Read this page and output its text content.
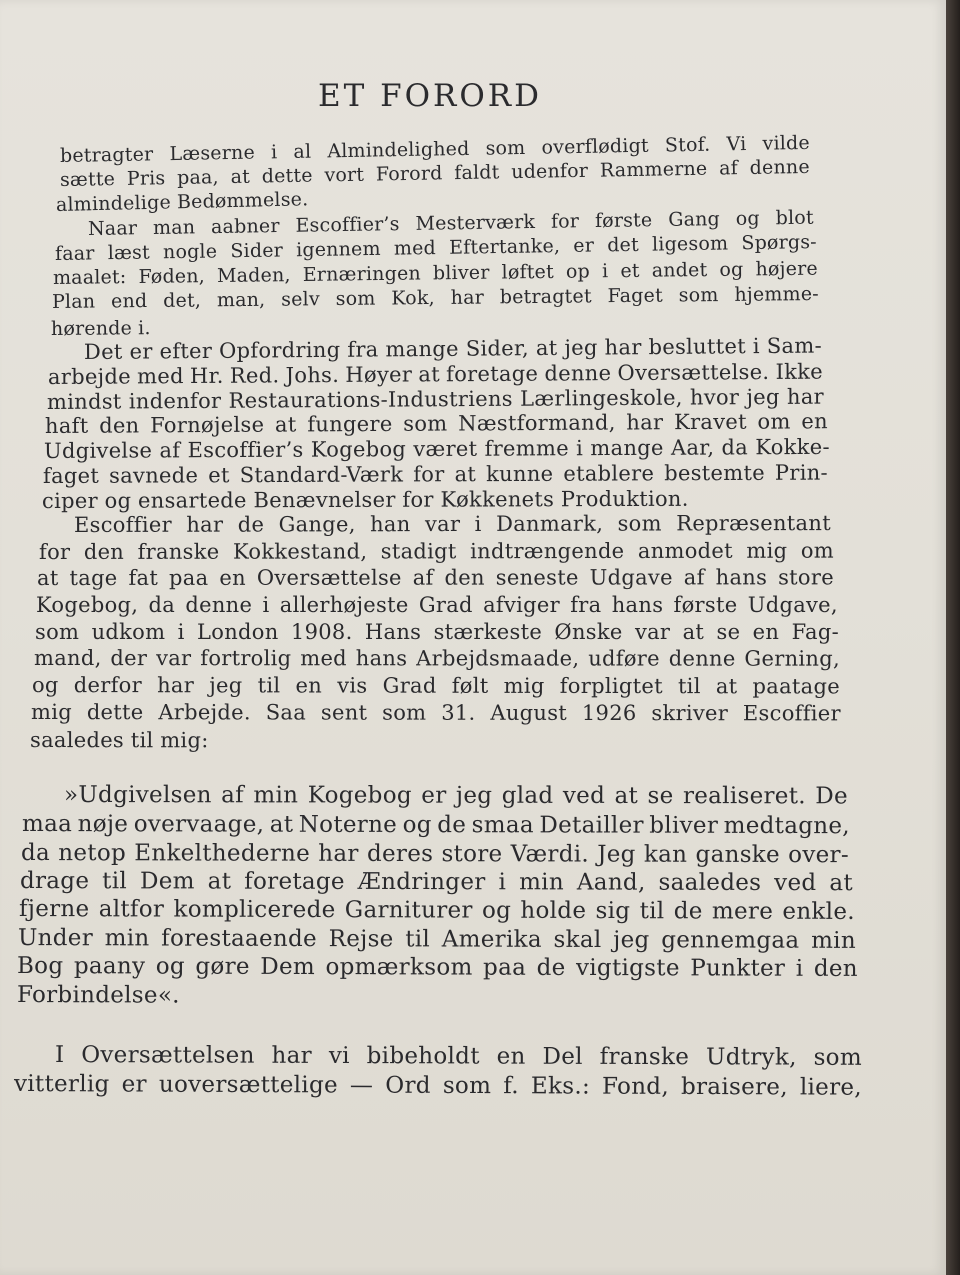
ET FORORD
betragter Læserne i al Almindelighed som overflødigt Stof. Vi vilde
sætte Pris paa, at dette vort Forord faldt udenfor Rammerne af denne
almindelige Bedømmelse.
Naar man aabner Escoffier’s Mesterværk for første Gang og blot
faar læst nogle Sider igennem med Eftertanke, er det ligesom Spørgs-
maalet: Føden, Maden, Ernæringen bliver løftet op i et andet og højere
Plan end det, man, selv som Kok, har betragtet Faget som hjemme-
hørende i.
Det er efter Opfordring fra mange Sider, at jeg har besluttet i Sam-
arbejde med Hr. Red. Johs. Høyer at foretage denne Oversættelse. Ikke
mindst indenfor Restaurations-Industriens Lærlingeskole, hvor jeg har
haft den Fornøjelse at fungere som Næstformand, har Kravet om en
Udgivelse af Escoffier’s Kogebog været fremme i mange Aar, da Kokke-
faget savnede et Standard-Værk for at kunne etablere bestemte Prin-
ciper og ensartede Benævnelser for Køkkenets Produktion.
Escoffier har de Gange, han var i Danmark, som Repræsentant
for den franske Kokkestand, stadigt indtrængende anmodet mig om
at tage fat paa en Oversættelse af den seneste Udgave af hans store
Kogebog, da denne i allerhøjeste Grad afviger fra hans første Udgave,
som udkom i London 1908. Hans stærkeste Ønske var at se en Fag-
mand, der var fortrolig med hans Arbejdsmaade, udføre denne Gerning,
og derfor har jeg til en vis Grad følt mig forpligtet til at paatage
mig dette Arbejde. Saa sent som 31. August 1926 skriver Escoffier
saaledes til mig:
»Udgivelsen af min Kogebog er jeg glad ved at se realiseret. De
maa nøje overvaage, at Noterne og de smaa Detailler bliver medtagne,
da netop Enkelthederne har deres store Værdi. Jeg kan ganske over-
drage til Dem at foretage Ændringer i min Aand, saaledes ved at
fjerne altfor komplicerede Garniturer og holde sig til de mere enkle.
Under min forestaaende Rejse til Amerika skal jeg gennemgaa min
Bog paany og gøre Dem opmærksom paa de vigtigste Punkter i den
Forbindelse«.
I Oversættelsen har vi bibeholdt en Del franske Udtryk, som
vitterlig er uoversættelige — Ord som f. Eks.: Fond, braisere, liere,
